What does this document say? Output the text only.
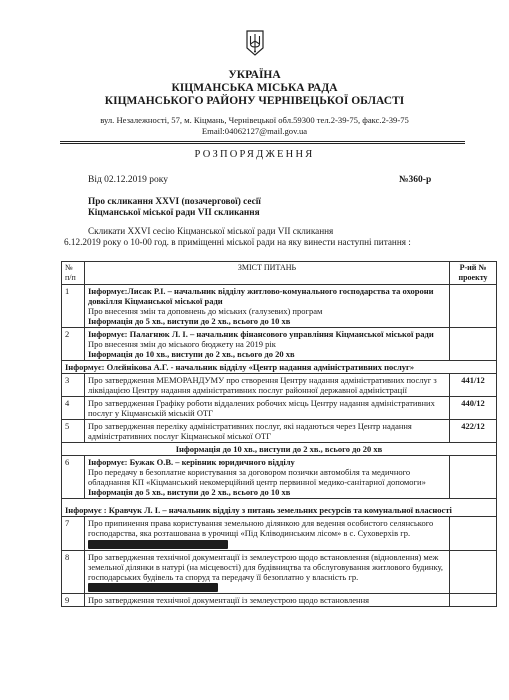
УКРАЇНА
КІЦМАНСЬКА МІСЬКА РАДА
КІЦМАНСЬКОГО РАЙОНУ ЧЕРНІВЕЦЬКОЇ ОБЛАСТІ
вул. Незалежності, 57, м. Кіцмань, Чернівецької обл.59300 тел.2-39-75, факс.2-39-75
Email:04062127@mail.gov.ua
РОЗПОРЯДЖЕННЯ
Від 02.12.2019 року	№360-р
Про скликання XXVI (позачергової) сесії
Кіцманської міської ради VII скликання
Скликати XXVI сесію Кіцманської міської ради VII скликання
6.12.2019 року о 10-00 год. в приміщенні міської ради на яку винести наступні питання :
№
п/п	ЗМІСТ ПИТАНЬ	Р-ий №
проекту
1	Інформує:Лисак Р.І. – начальник відділу житлово-комунального господарства та охорони довкілля Кіцманської міської ради
Про внесення змін та доповнень до міських (галузевих) програм
Інформація до 5 хв., виступи до 2 хв., всього до 10 хв	

2	Інформує: Палагнюк Л. І. – начальник фінансового управління Кіцманської міської ради
Про внесення змін до міського бюджету на 2019 рік
Інформація до 10 хв., виступи до 2 хв., всього до 20 хв	

Інформує: Олєйнікова А.Г. - начальник відділу «Центр надання адміністративних послуг»		
3	Про затвердження МЕМОРАНДУМУ про створення Центру надання адміністративних послуг з ліквідацією Центру надання адміністративних послуг районної державної адміністрації	441/12
4	Про затвердження Графіку роботи віддалених робочих місць Центру надання адміністративних послуг у Кіцманській міській ОТГ	440/12
5	Про затвердження переліку адміністративних послуг, які надаються через Центр надання адміністративних послуг Кіцманської міської ОТГ	422/12
Інформація до 10 хв., виступи до 2 хв., всього до 20 хв		
6	Інформує: Бужак О.В. – керівник юридичного відділу
Про передачу в безоплатне користування за договором позички автомобіля та медичного обладнання КП «Кіцманський некомерційний центр первинної медико-санітарної допомоги»
Інформація до 5 хв., виступи до 2 хв., всього до 10 хв	

Інформує : Кравчук Л. І. – начальник відділу з питань земельних ресурсів та комунальної власності		
7	Про припинення права користування земельною ділянкою для ведення особистого селянського господарства, яка розташована в урочищі «Під Кліводинським лісом» в с. Суховерхів гр.	
8	Про затвердження технічної документації із землеустрою щодо встановлення (відновлення) меж земельної ділянки в натурі (на місцевості) для будівництва та обслуговування житлового будинку, господарських будівель та споруд та передачу її безоплатно у власність гр.	
9	Про затвердження технічної документації із землеустрою щодо встановлення	
